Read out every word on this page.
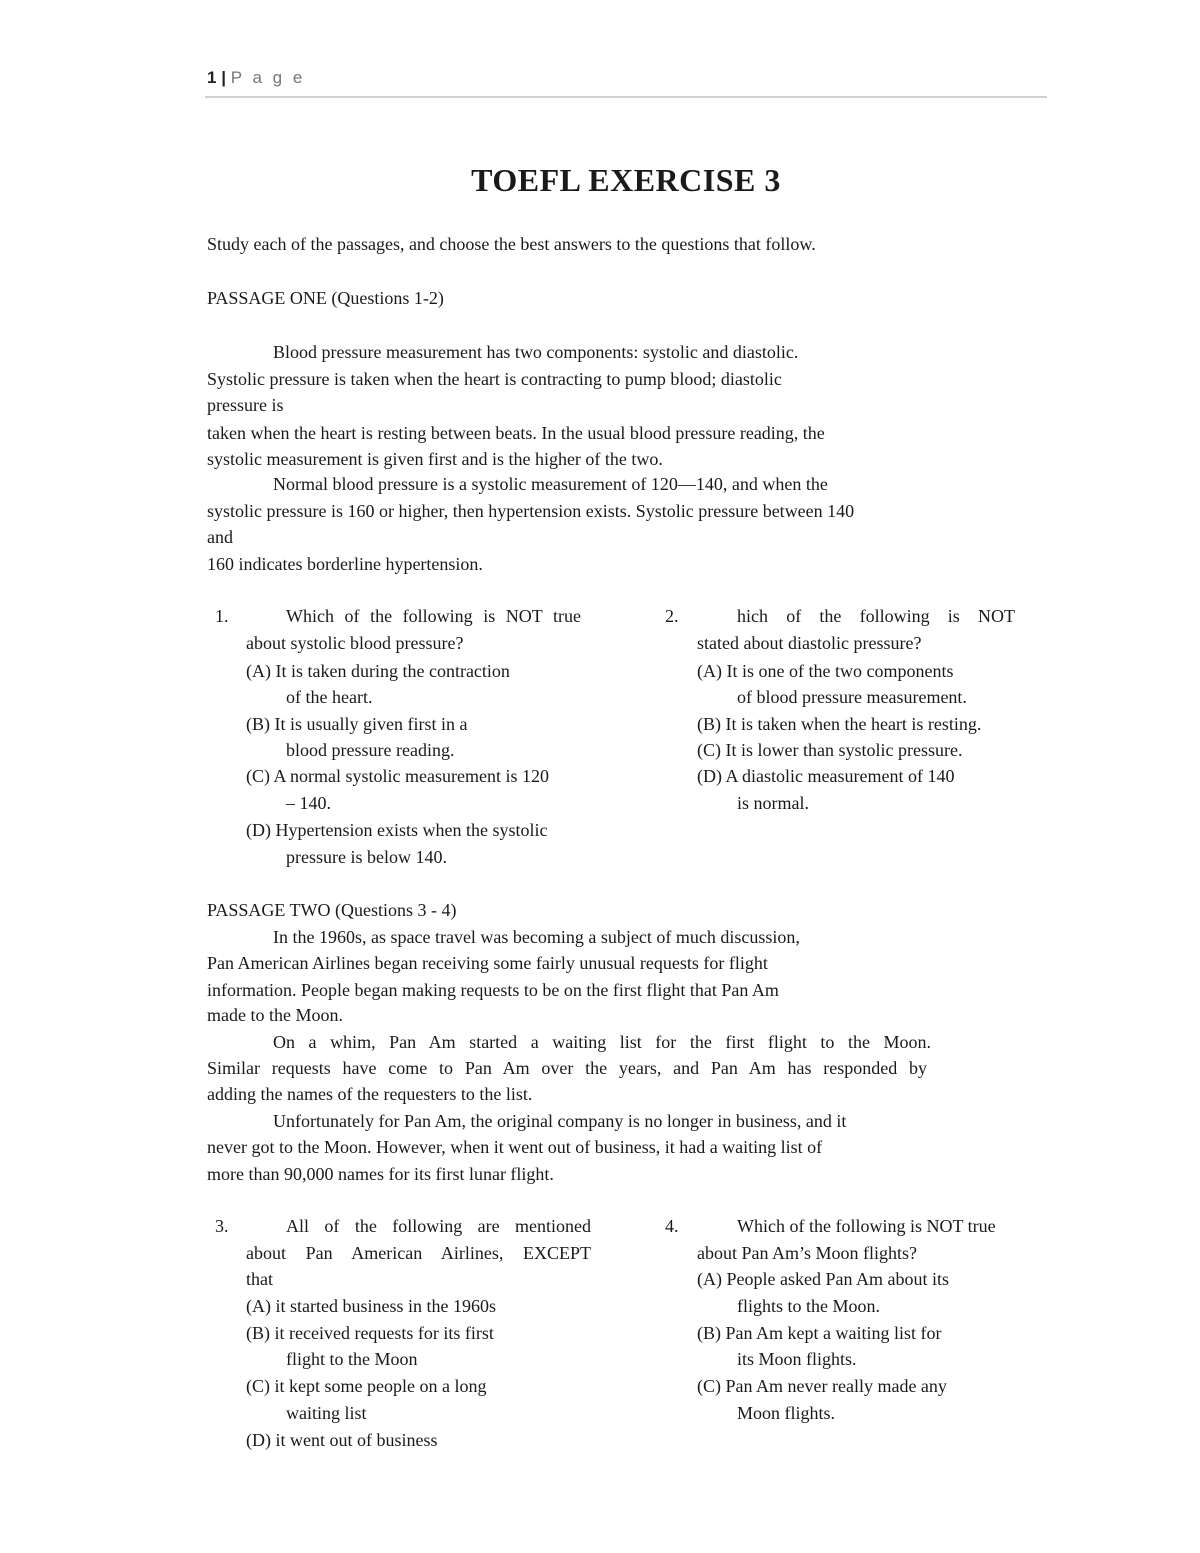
1 | P a g e
TOEFL EXERCISE 3
Study each of the passages, and choose the best answers to the questions that follow.
PASSAGE ONE (Questions 1-2)
Blood pressure measurement has two components: systolic and diastolic.
Systolic pressure is taken when the heart is contracting to pump blood; diastolic
pressure is
taken when the heart is resting between beats. In the usual blood pressure reading, the
systolic measurement is given first and is the higher of the two.
Normal blood pressure is a systolic measurement of 120—140, and when the
systolic pressure is 160 or higher, then hypertension exists. Systolic pressure between 140
and
160 indicates borderline hypertension.
1.	Which of the following is NOT true
about systolic blood pressure?
(A) It is taken during the contraction
of the heart.
(B) It is usually given first in a
blood pressure reading.
(C) A normal systolic measurement is 120
– 140.
(D) Hypertension exists when the systolic
pressure is below 140.
2.	hich of the following is NOT
stated about diastolic pressure?
(A) It is one of the two components
of blood pressure measurement.
(B) It is taken when the heart is resting.
(C) It is lower than systolic pressure.
(D) A diastolic measurement of 140
is normal.
PASSAGE TWO (Questions 3 - 4)
In the 1960s, as space travel was becoming a subject of much discussion,
Pan American Airlines began receiving some fairly unusual requests for flight
information. People began making requests to be on the first flight that Pan Am
made to the Moon.
On a whim, Pan Am started a waiting list for the first flight to the Moon.
Similar requests have come to Pan Am over the years, and Pan Am has responded by
adding the names of the requesters to the list.
Unfortunately for Pan Am, the original company is no longer in business, and it
never got to the Moon. However, when it went out of business, it had a waiting list of
more than 90,000 names for its first lunar flight.
3.	All of the following are mentioned
about Pan American Airlines, EXCEPT
that
(A) it started business in the 1960s
(B) it received requests for its first
flight to the Moon
(C) it kept some people on a long
waiting list
(D) it went out of business
4.	Which of the following is NOT true
about Pan Am’s Moon flights?
(A) People asked Pan Am about its
flights to the Moon.
(B) Pan Am kept a waiting list for
its Moon flights.
(C) Pan Am never really made any
Moon flights.
